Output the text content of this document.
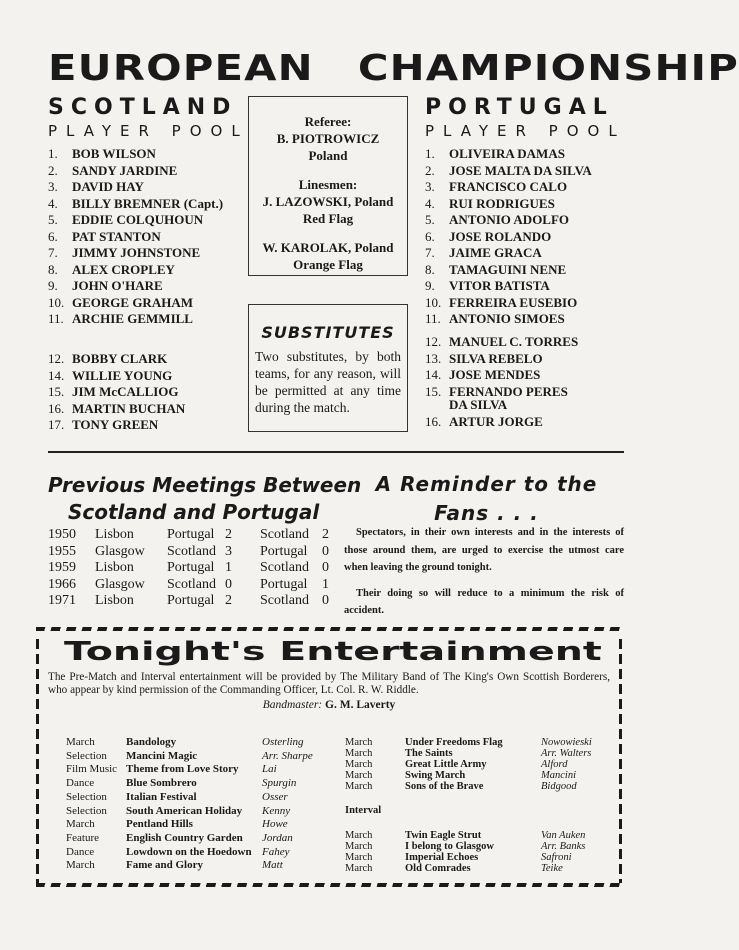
EUROPEAN CHAMPIONSHIP
SCOTLAND
PLAYER POOL
1. BOB WILSON
2. SANDY JARDINE
3. DAVID HAY
4. BILLY BREMNER (Capt.)
5. EDDIE COLQUHOUN
6. PAT STANTON
7. JIMMY JOHNSTONE
8. ALEX CROPLEY
9. JOHN O'HARE
10. GEORGE GRAHAM
11. ARCHIE GEMMILL
12. BOBBY CLARK
14. WILLIE YOUNG
15. JIM McCALLIOG
16. MARTIN BUCHAN
17. TONY GREEN
Referee:
B. PIOTROWICZ
Poland
Linesmen:
J. LAZOWSKI, Poland
Red Flag
W. KAROLAK, Poland
Orange Flag
SUBSTITUTES
Two substitutes, by both teams, for any reason, will be permitted at any time during the match.
PORTUGAL
PLAYER POOL
1. OLIVEIRA DAMAS
2. JOSE MALTA DA SILVA
3. FRANCISCO CALO
4. RUI RODRIGUES
5. ANTONIO ADOLFO
6. JOSE ROLANDO
7. JAIME GRACA
8. TAMAGUINI NENE
9. VITOR BATISTA
10. FERREIRA EUSEBIO
11. ANTONIO SIMOES
12. MANUEL C. TORRES
13. SILVA REBELO
14. JOSE MENDES
15. FERNANDO PERES
DA SILVA
16. ARTUR JORGE
Previous Meetings Between
Scotland and Portugal
1950	Lisbon	Portugal	2	Scotland	2
1955	Glasgow	Scotland	3	Portugal	0
1959	Lisbon	Portugal	1	Scotland	0
1966	Glasgow	Scotland	0	Portugal	1
1971	Lisbon	Portugal	2	Scotland	0
A Reminder to the
Fans . . .

Spectators, in their own interests and in the interests of those around them, are urged to exercise the utmost care when leaving the ground tonight.

Their doing so will reduce to a minimum the risk of accident.

Tonight's Entertainment
The Pre-Match and Interval entertainment will be provided by The Military Band of The King's Own Scottish Borderers, who appear by kind permission of the Commanding Officer, Lt. Col. R. W. Riddle.
Bandmaster: G. M. Laverty
March	Bandology	Osterling
Selection	Mancini Magic	Arr. Sharpe
Film Music	Theme from Love Story	Lai
Dance	Blue Sombrero	Spurgin
Selection	Italian Festival	Osser
Selection	South American Holiday	Kenny
March	Pentland Hills	Howe
Feature	English Country Garden	Jordan
Dance	Lowdown on the Hoedown	Fahey
March	Fame and Glory	Matt
March	Under Freedoms Flag	Nowowieski
March	The Saints	Arr. Walters
March	Great Little Army	Alford
March	Swing March	Mancini
March	Sons of the Brave	Bidgood
Interval		
March	Twin Eagle Strut	Van Auken
March	I belong to Glasgow	Arr. Banks
March	Imperial Echoes	Safroni
March	Old Comrades	Teike
